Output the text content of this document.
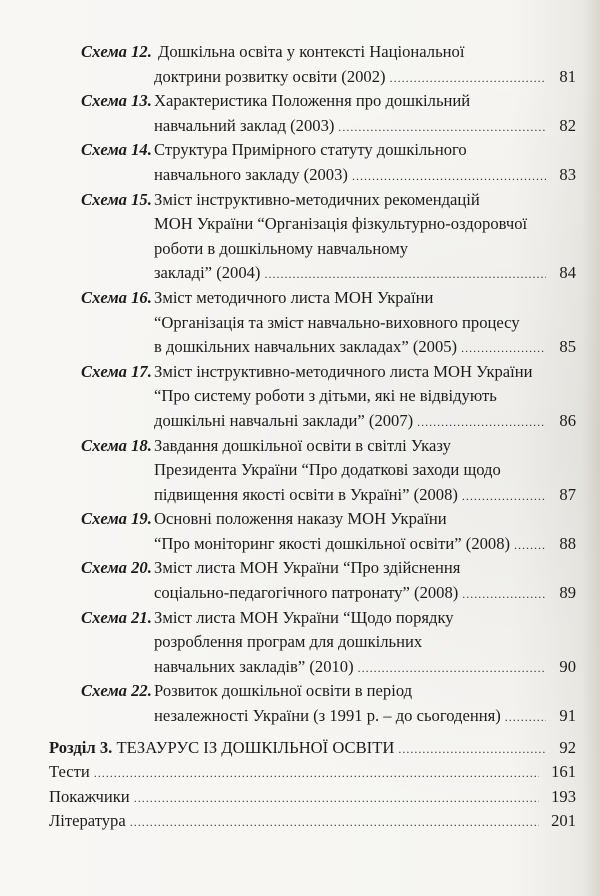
Схема 12. Дошкільна освіта у контексті Національної
доктрини розвитку освіти (2002) .....	81
Схема 13. Характеристика Положення про дошкільний
навчальний заклад (2003) .....	82
Схема 14. Структура Примірного статуту дошкільного
навчального закладу (2003) .....	83
Схема 15. Зміст інструктивно-методичних рекомендацій
МОН України “Організація фізкультурно-оздоровчої
роботи в дошкільному навчальному
закладі” (2004) .....	84
Схема 16. Зміст методичного листа МОН України
“Організація та зміст навчально-виховного процесу
в дошкільних навчальних закладах” (2005) .....	85
Схема 17. Зміст інструктивно-методичного листа МОН України
“Про систему роботи з дітьми, які не відвідують
дошкільні навчальні заклади” (2007) .....	86
Схема 18. Завдання дошкільної освіти в світлі Указу
Президента України “Про додаткові заходи щодо
підвищення якості освіти в Україні” (2008) .....	87
Схема 19. Основні положення наказу МОН України
“Про моніторинг якості дошкільної освіти” (2008) .....	88
Схема 20. Зміст листа МОН України “Про здійснення
соціально-педагогічного патронату” (2008) .....	89
Схема 21. Зміст листа МОН України “Щодо порядку
розроблення програм для дошкільних
навчальних закладів” (2010) .....	90
Схема 22. Розвиток дошкільної освіти в період
незалежності України (з 1991 р. – до сьогодення) .....	91
Розділ 3. ТЕЗАУРУС ІЗ ДОШКІЛЬНОЇ ОСВІТИ .....	92
Тести .....	161
Покажчики .....	193
Література .....	201
